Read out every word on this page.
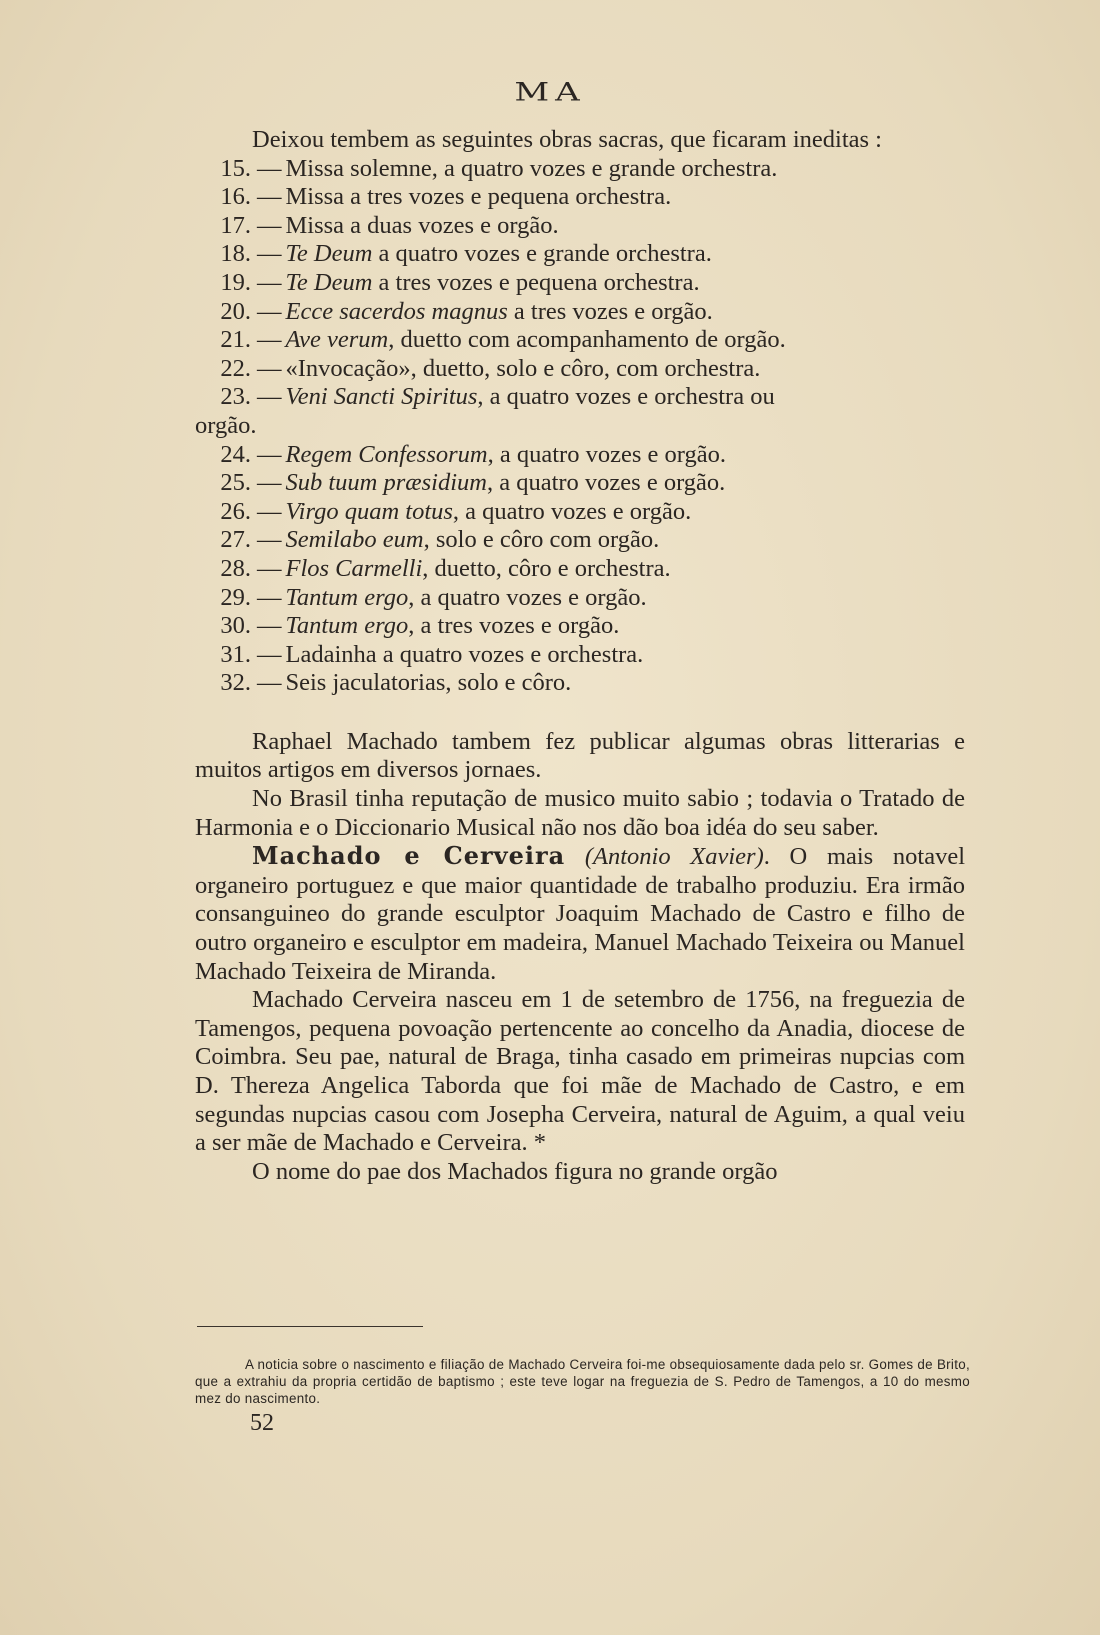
MA

Deixou tembem as seguintes obras sacras, que ficaram ineditas :

15. — Missa solemne, a quatro vozes e grande orchestra.
16. — Missa a tres vozes e pequena orchestra.
17. — Missa a duas vozes e orgão.
18. — Te Deum a quatro vozes e grande orchestra.
19. — Te Deum a tres vozes e pequena orchestra.
20. — Ecce sacerdos magnus a tres vozes e orgão.
21. — Ave verum, duetto com acompanhamento de orgão.
22. — «Invocação», duetto, solo e côro, com orchestra.
23. — Veni Sancti Spiritus, a quatro vozes e orchestra ou
orgão.
24. — Regem Confessorum, a quatro vozes e orgão.
25. — Sub tuum præsidium, a quatro vozes e orgão.
26. — Virgo quam totus, a quatro vozes e orgão.
27. — Semilabo eum, solo e côro com orgão.
28. — Flos Carmelli, duetto, côro e orchestra.
29. — Tantum ergo, a quatro vozes e orgão.
30. — Tantum ergo, a tres vozes e orgão.
31. — Ladainha a quatro vozes e orchestra.
32. — Seis jaculatorias, solo e côro.

Raphael Machado tambem fez publicar algumas obras litterarias e muitos artigos em diversos jornaes.

No Brasil tinha reputação de musico muito sabio ; todavia o Tratado de Harmonia e o Diccionario Musical não nos dão boa idéa do seu saber.

Machado e Cerveira (Antonio Xavier). O mais notavel organeiro portuguez e que maior quantidade de trabalho produziu. Era irmão consanguineo do grande esculptor Joaquim Machado de Castro e filho de outro organeiro e esculptor em madeira, Manuel Machado Teixeira ou Manuel Machado Teixeira de Miranda.

Machado Cerveira nasceu em 1 de setembro de 1756, na freguezia de Tamengos, pequena povoação pertencente ao concelho da Anadia, diocese de Coimbra. Seu pae, natural de Braga, tinha casado em primeiras nupcias com D. Thereza Angelica Taborda que foi mãe de Machado de Castro, e em segundas nupcias casou com Josepha Cerveira, natural de Aguim, a qual veiu a ser mãe de Machado e Cerveira. *

O nome do pae dos Machados figura no grande orgão

A noticia sobre o nascimento e filiação de Machado Cerveira foi-me obsequiosamente dada pelo sr. Gomes de Brito, que a extrahiu da propria certidão de baptismo ; este teve logar na freguezia de S. Pedro de Tamengos, a 10 do mesmo mez do nascimento.
52
